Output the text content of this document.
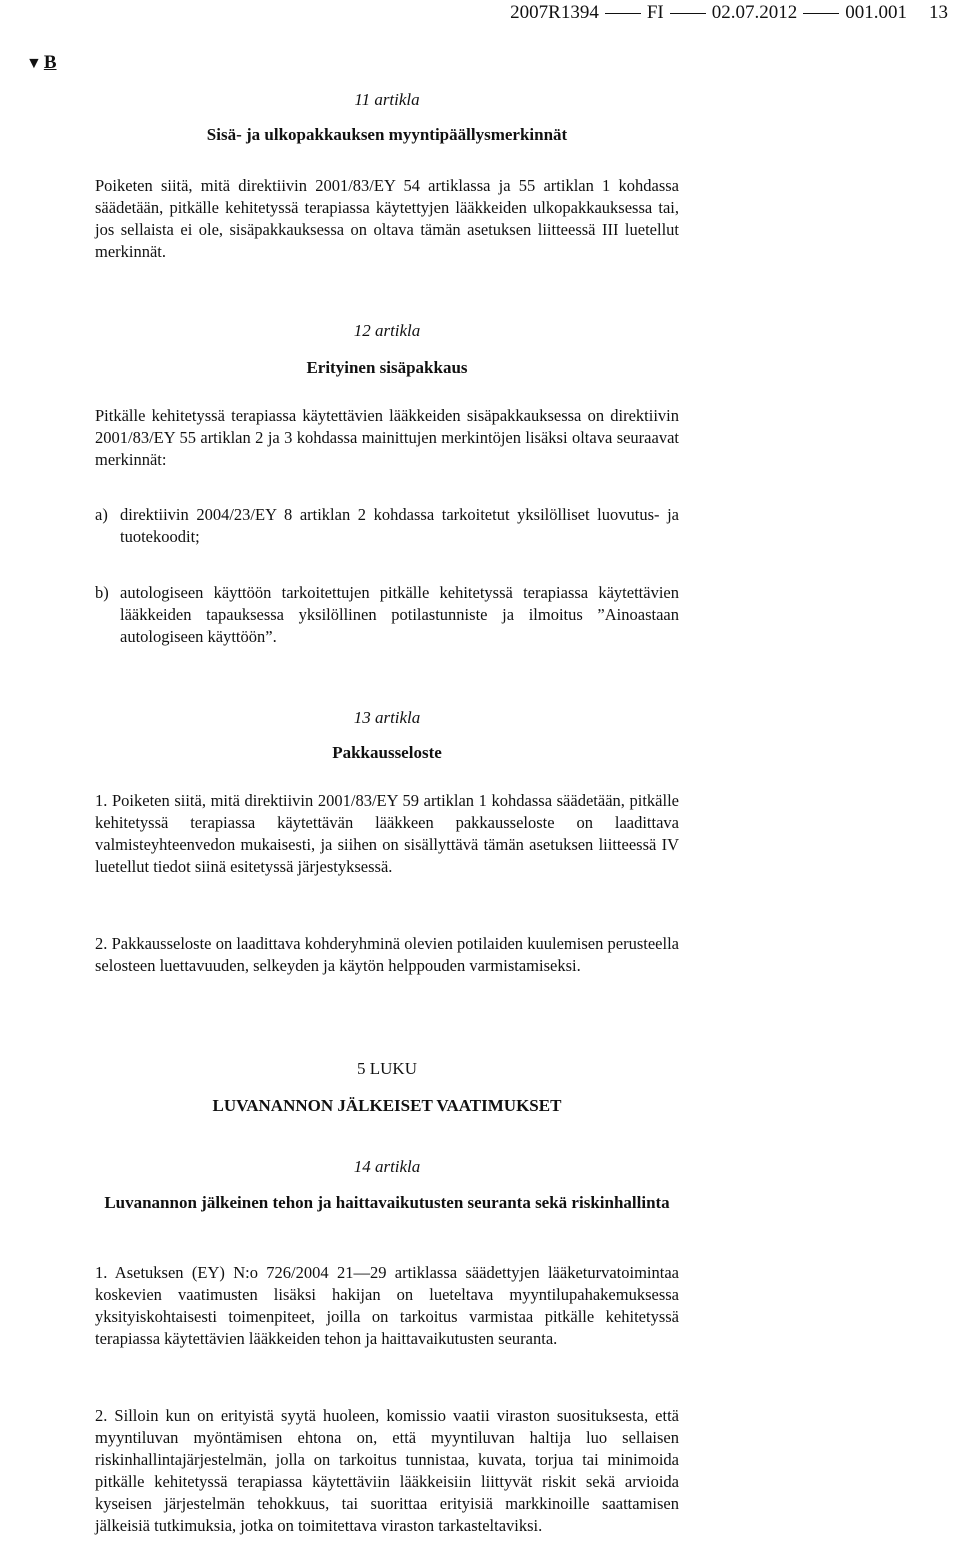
2007R1394	FI	02.07.2012	001.001 13
▼ B
11 artikla
Sisä- ja ulkopakkauksen myyntipäällysmerkinnät
Poiketen siitä, mitä direktiivin 2001/83/EY 54 artiklassa ja 55 artiklan 1 kohdassa säädetään, pitkälle kehitetyssä terapiassa käytettyjen lääkkeiden ulkopakkauksessa tai, jos sellaista ei ole, sisäpakkauksessa on oltava tämän asetuksen liitteessä III luetellut merkinnät.
12 artikla
Erityinen sisäpakkaus
Pitkälle kehitetyssä terapiassa käytettävien lääkkeiden sisäpakkauksessa on direktiivin 2001/83/EY 55 artiklan 2 ja 3 kohdassa mainittujen merkintöjen lisäksi oltava seuraavat merkinnät:
a) direktiivin 2004/23/EY 8 artiklan 2 kohdassa tarkoitetut yksilölliset luovutus- ja tuotekoodit;
b) autologiseen käyttöön tarkoitettujen pitkälle kehitetyssä terapiassa käytettävien lääkkeiden tapauksessa yksilöllinen potilastunniste ja ilmoitus ”Ainoastaan autologiseen käyttöön”.
13 artikla
Pakkausseloste
1. Poiketen siitä, mitä direktiivin 2001/83/EY 59 artiklan 1 kohdassa säädetään, pitkälle kehitetyssä terapiassa käytettävän lääkkeen pakkausseloste on laadittava valmisteyhteenvedon mukaisesti, ja siihen on sisällyttävä tämän asetuksen liitteessä IV luetellut tiedot siinä esitetyssä järjestyksessä.
2. Pakkausseloste on laadittava kohderyhminä olevien potilaiden kuulemisen perusteella selosteen luettavuuden, selkeyden ja käytön helppouden varmistamiseksi.
5 LUKU
LUVANANNON JÄLKEISET VAATIMUKSET
14 artikla
Luvanannon jälkeinen tehon ja haittavaikutusten seuranta sekä riskinhallinta
1. Asetuksen (EY) N:o 726/2004 21—29 artiklassa säädettyjen lääketurvatoimintaa koskevien vaatimusten lisäksi hakijan on lueteltava myyntilupahakemuksessa yksityiskohtaisesti toimenpiteet, joilla on tarkoitus varmistaa pitkälle kehitetyssä terapiassa käytettävien lääkkeiden tehon ja haittavaikutusten seuranta.
2. Silloin kun on erityistä syytä huoleen, komissio vaatii viraston suosituksesta, että myyntiluvan myöntämisen ehtona on, että myyntiluvan haltija luo sellaisen riskinhallintajärjestelmän, jolla on tarkoitus tunnistaa, kuvata, torjua tai minimoida pitkälle kehitetyssä terapiassa käytettäviin lääkkeisiin liittyvät riskit sekä arvioida kyseisen järjestelmän tehokkuus, tai suorittaa erityisiä markkinoille saattamisen jälkeisiä tutkimuksia, jotka on toimitettava viraston tarkasteltaviksi.
